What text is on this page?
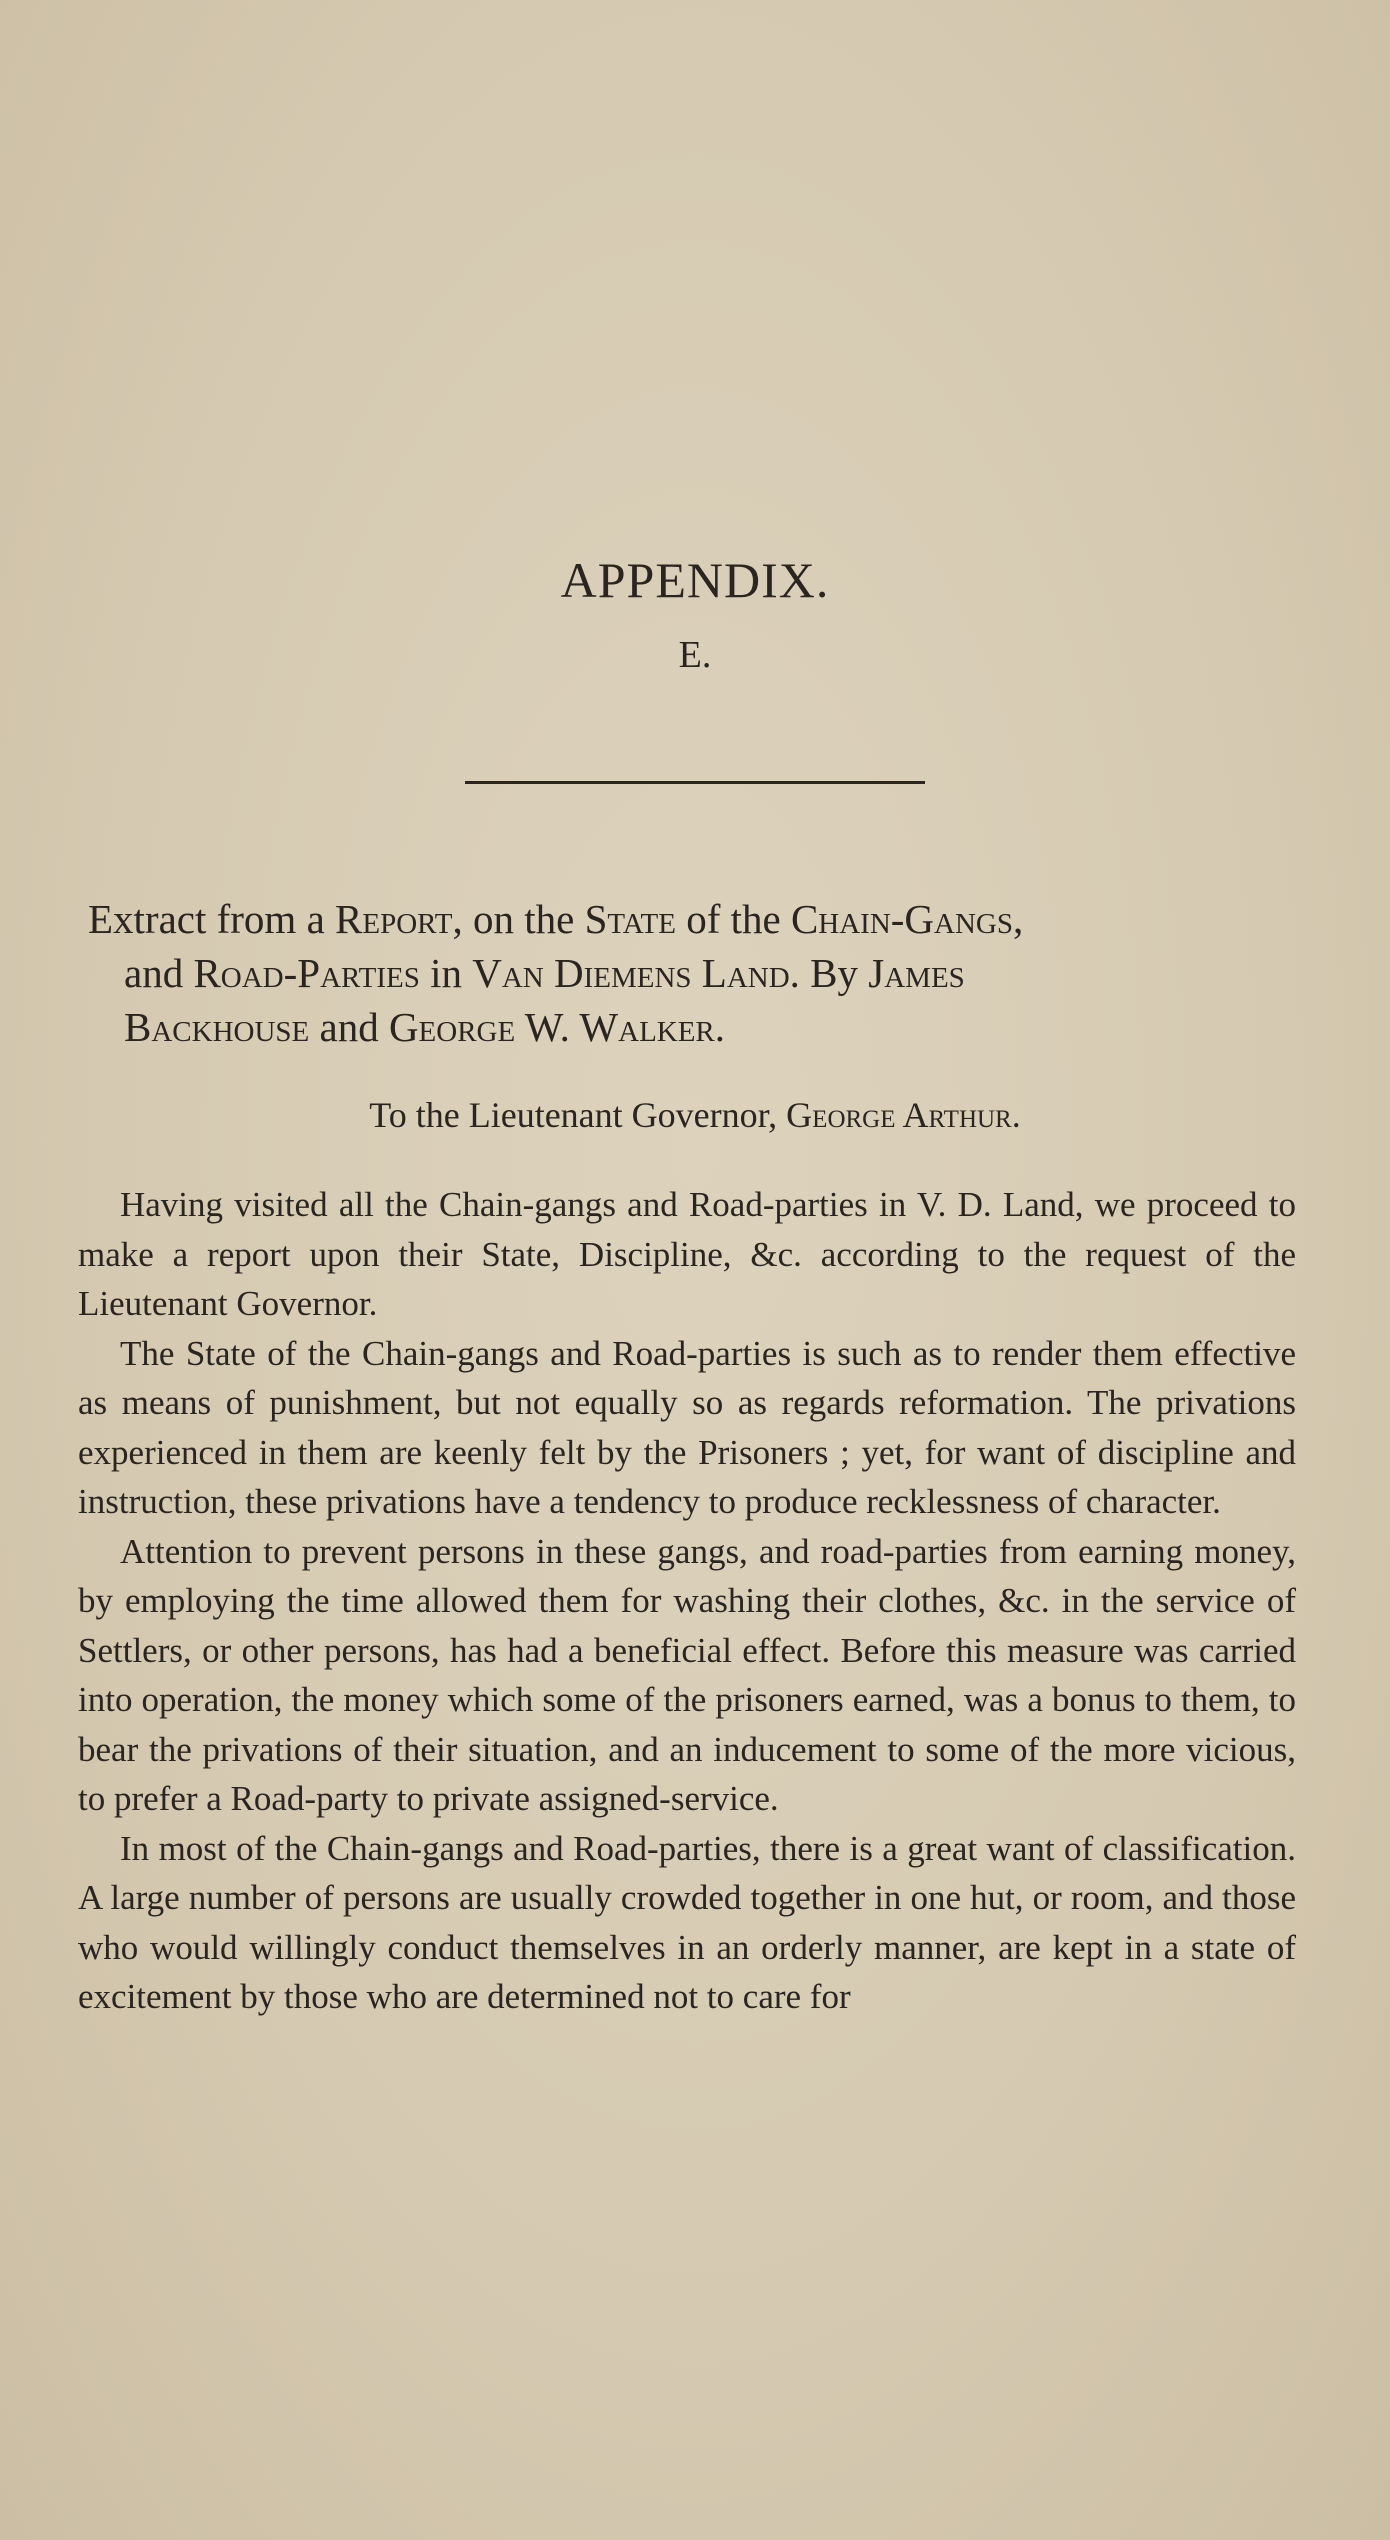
APPENDIX.
E.
Extract from a Report, on the State of the Chain-Gangs,
and Road-Parties in Van Diemens Land. By James
Backhouse and George W. Walker.
To the Lieutenant Governor, George Arthur.

Having visited all the Chain-gangs and Road-parties in V. D. Land, we proceed to make a report upon their State, Discipline, &c. according to the request of the Lieutenant Governor.

The State of the Chain-gangs and Road-parties is such as to render them effective as means of punishment, but not equally so as regards reformation. The privations experienced in them are keenly felt by the Prisoners ; yet, for want of discipline and instruction, these privations have a tendency to produce recklessness of character.

Attention to prevent persons in these gangs, and road-parties from earning money, by employing the time allowed them for washing their clothes, &c. in the service of Settlers, or other persons, has had a beneficial effect. Before this measure was carried into operation, the money which some of the prisoners earned, was a bonus to them, to bear the privations of their situation, and an inducement to some of the more vicious, to prefer a Road-party to private assigned-service.

In most of the Chain-gangs and Road-parties, there is a great want of classification. A large number of persons are usually crowded together in one hut, or room, and those who would willingly conduct themselves in an orderly manner, are kept in a state of excitement by those who are determined not to care for
